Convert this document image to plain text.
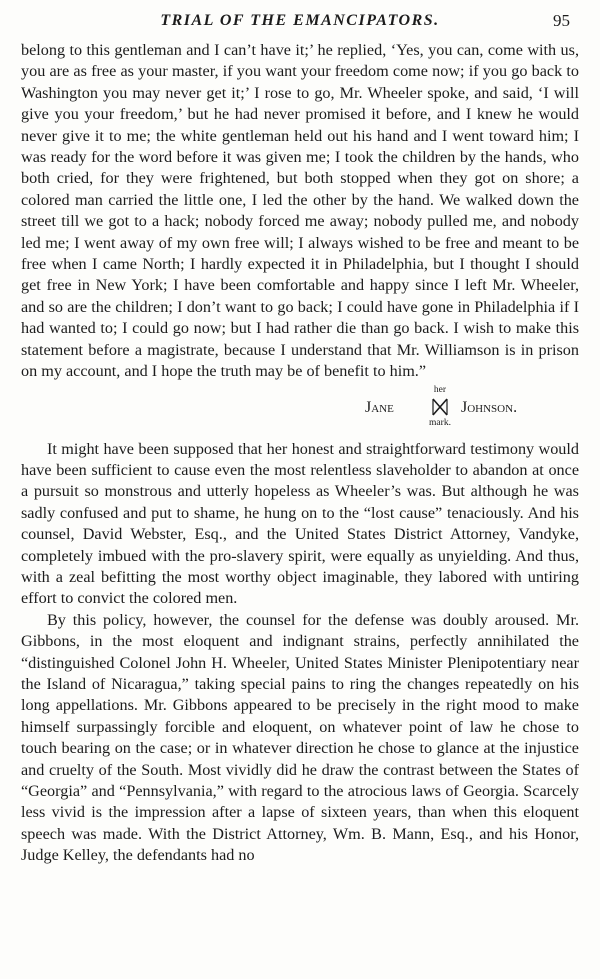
TRIAL OF THE EMANCIPATORS.	95

belong to this gentleman and I can’t have it;’ he replied, ‘Yes, you can, come with us, you are as free as your master, if you want your freedom come now; if you go back to Washington you may never get it;’ I rose to go, Mr. Wheeler spoke, and said, ‘I will give you your freedom,’ but he had never promised it before, and I knew he would never give it to me; the white gentleman held out his hand and I went toward him; I was ready for the word before it was given me; I took the children by the hands, who both cried, for they were frightened, but both stopped when they got on shore; a colored man carried the little one, I led the other by the hand. We walked down the street till we got to a hack; nobody forced me away; nobody pulled me, and nobody led me; I went away of my own free will; I always wished to be free and meant to be free when I came North; I hardly expected it in Philadelphia, but I thought I should get free in New York; I have been comfortable and happy since I left Mr. Wheeler, and so are the children; I don’t want to go back; I could have gone in Philadelphia if I had wanted to; I could go now; but I had rather die than go back. I wish to make this statement before a magistrate, because I understand that Mr. Williamson is in prison on my account, and I hope the truth may be of benefit to him.”

Jane
her
mark.
Johnson.

It might have been supposed that her honest and straightforward testimony would have been sufficient to cause even the most relentless slaveholder to abandon at once a pursuit so monstrous and utterly hopeless as Wheeler’s was. But although he was sadly confused and put to shame, he hung on to the “lost cause” tenaciously. And his counsel, David Webster, Esq., and the United States District Attorney, Vandyke, completely imbued with the pro-slavery spirit, were equally as unyielding. And thus, with a zeal befitting the most worthy object imaginable, they labored with untiring effort to convict the colored men.

By this policy, however, the counsel for the defense was doubly aroused. Mr. Gibbons, in the most eloquent and indignant strains, perfectly annihilated the “distinguished Colonel John H. Wheeler, United States Minister Plenipotentiary near the Island of Nicaragua,” taking special pains to ring the changes repeatedly on his long appellations. Mr. Gibbons appeared to be precisely in the right mood to make himself surpassingly forcible and eloquent, on whatever point of law he chose to touch bearing on the case; or in whatever direction he chose to glance at the injustice and cruelty of the South. Most vividly did he draw the contrast between the States of “Georgia” and “Pennsylvania,” with regard to the atrocious laws of Georgia. Scarcely less vivid is the impression after a lapse of sixteen years, than when this eloquent speech was made. With the District Attorney, Wm. B. Mann, Esq., and his Honor, Judge Kelley, the defendants had no
